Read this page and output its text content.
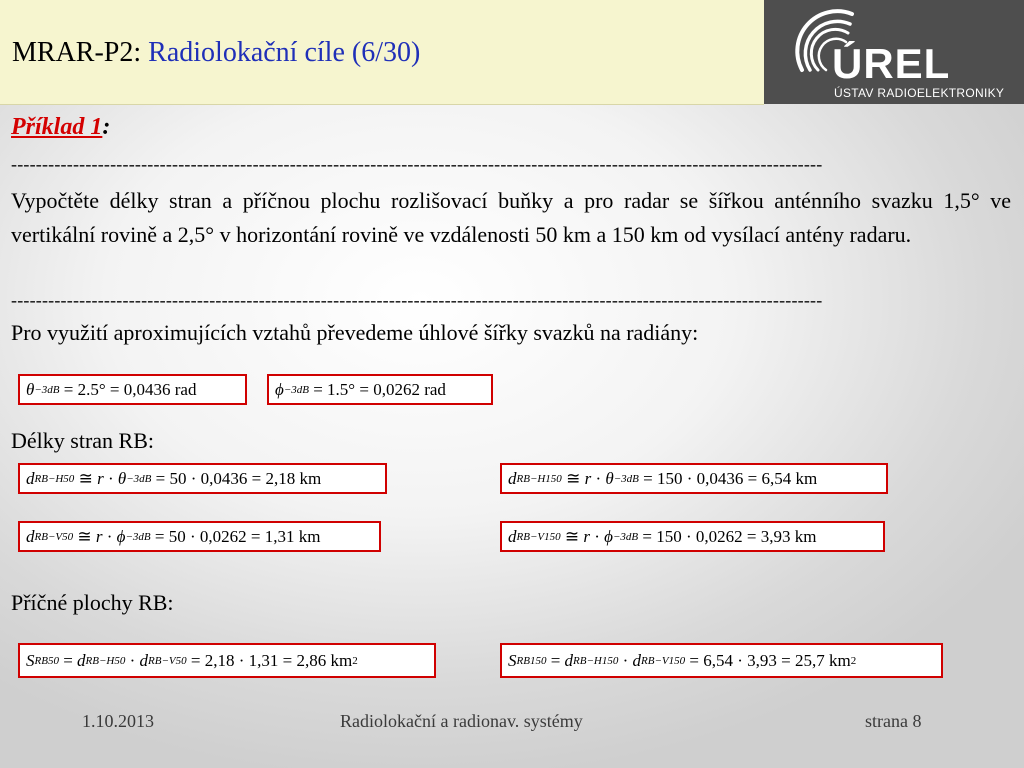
MRAR-P2: Radiolokační cíle (6/30)	ÚREL
ÚSTAV RADIOELEKTRONIKY
Příklad 1:
-----------------------------------------------------------------------------------------------------------------------------------
Vypočtěte délky stran a příčnou plochu rozlišovací buňky a pro radar se šířkou anténního svazku 1,5° ve vertikální rovině a 2,5° v horizontání rovině ve vzdálenosti 50 km a 150 km od vysílací antény radaru.
-----------------------------------------------------------------------------------------------------------------------------------
Pro využití aproximujících vztahů převedeme úhlové šířky svazků na radiány:
θ −3dB
= 2.5° = 0,0436 rad	ϕ −3dB
= 1.5° = 0,0262 rad
Délky stran RB:
d RB−H50 ≅ r · θ −3dB
= 50 · 0,0436 = 2,18 km	d RB−H150 ≅ r · θ −3dB
= 150 · 0,0436 = 6,54 km
d RB−V50 ≅ r · ϕ −3dB
= 50 · 0,0262 = 1,31 km	d RB−V150 ≅ r · ϕ −3dB
= 150 · 0,0262 = 3,93 km
Příčné plochy RB:
S RB50 = d RB−H50 · d RB−V50
= 2,18 · 1,31 = 2,86 km 2	S RB150 = d RB−H150 · d RB−V150
= 6,54 · 3,93 = 25,7 km 2
1.10.2013	Radiolokační a radionav. systémy	strana 8
